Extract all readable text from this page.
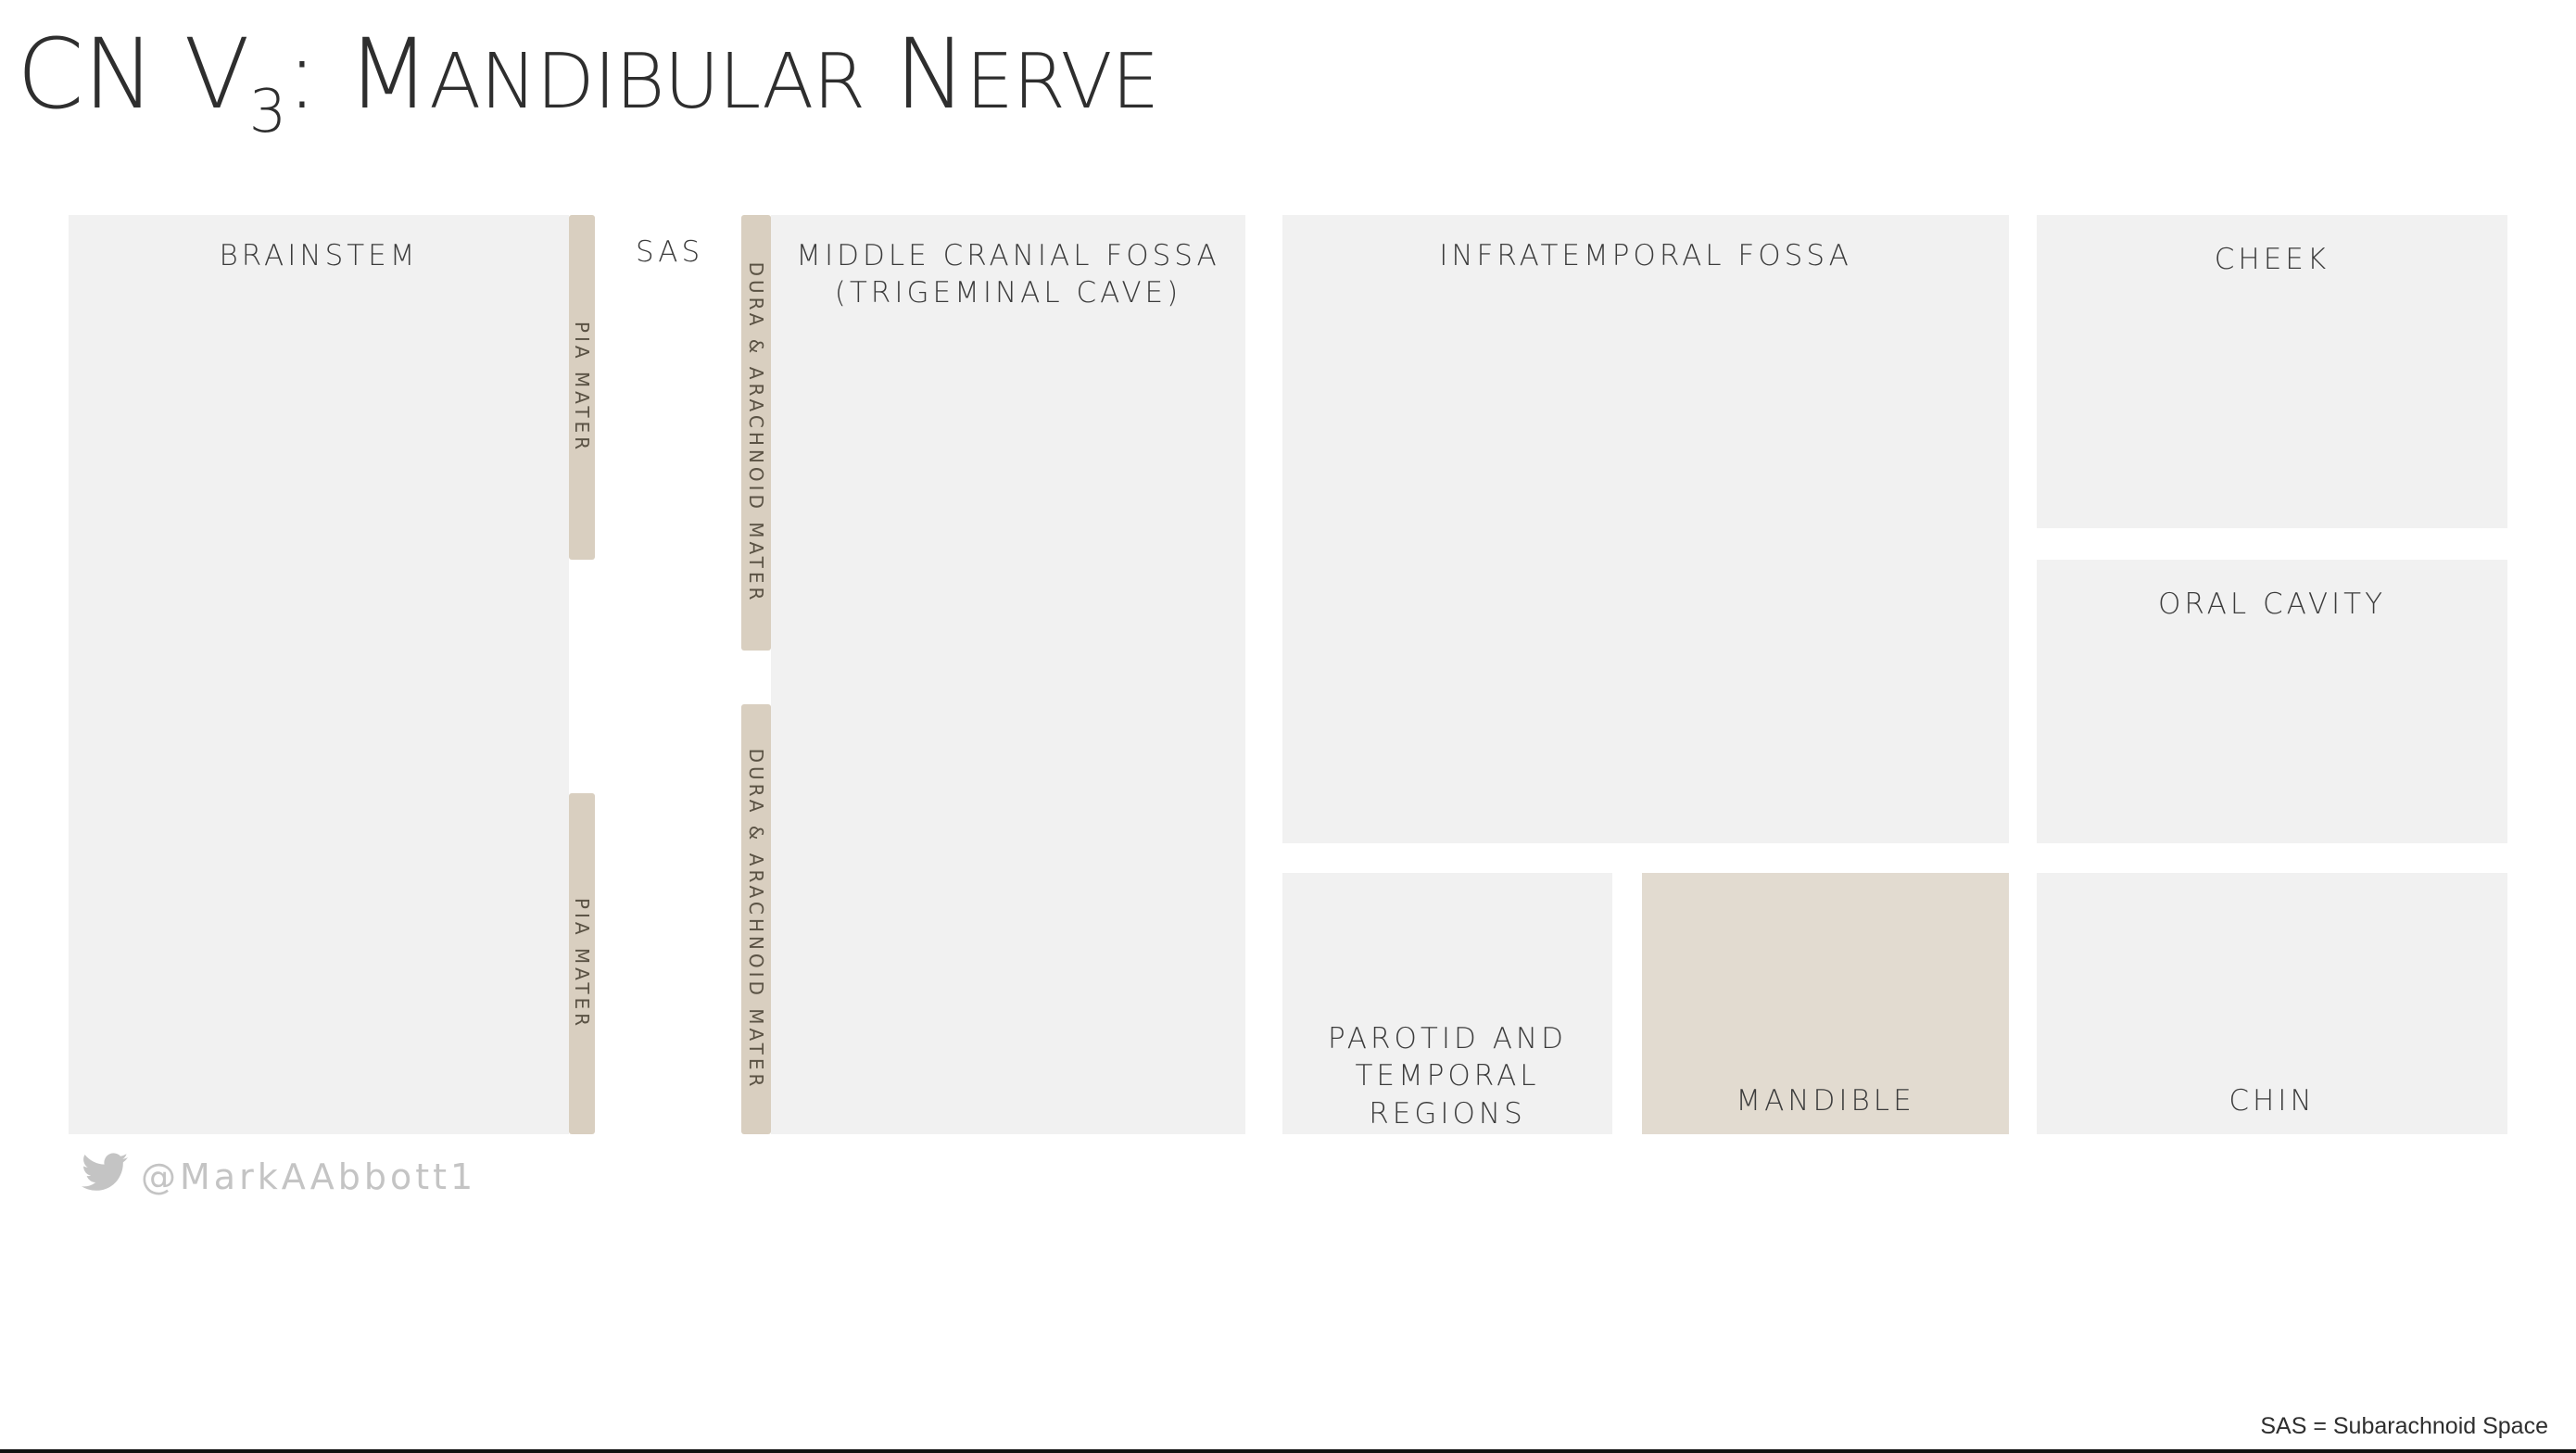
CN $V_3$: MANDIBULAR NERVE
BRAINSTEM
PIA MATER
PIA MATER
SAS
DURA & ARACHNOID MATER
DURA & ARACHNOID MATER
MIDDLE CRANIAL FOSSA
(TRIGEMINAL CAVE)
INFRATEMPORAL FOSSA	CHEEK
ORAL CAVITY
PAROTID AND
TEMPORAL REGIONS	MANDIBLE	CHIN
@MarkAAbbott1
SAS = Subarachnoid Space
